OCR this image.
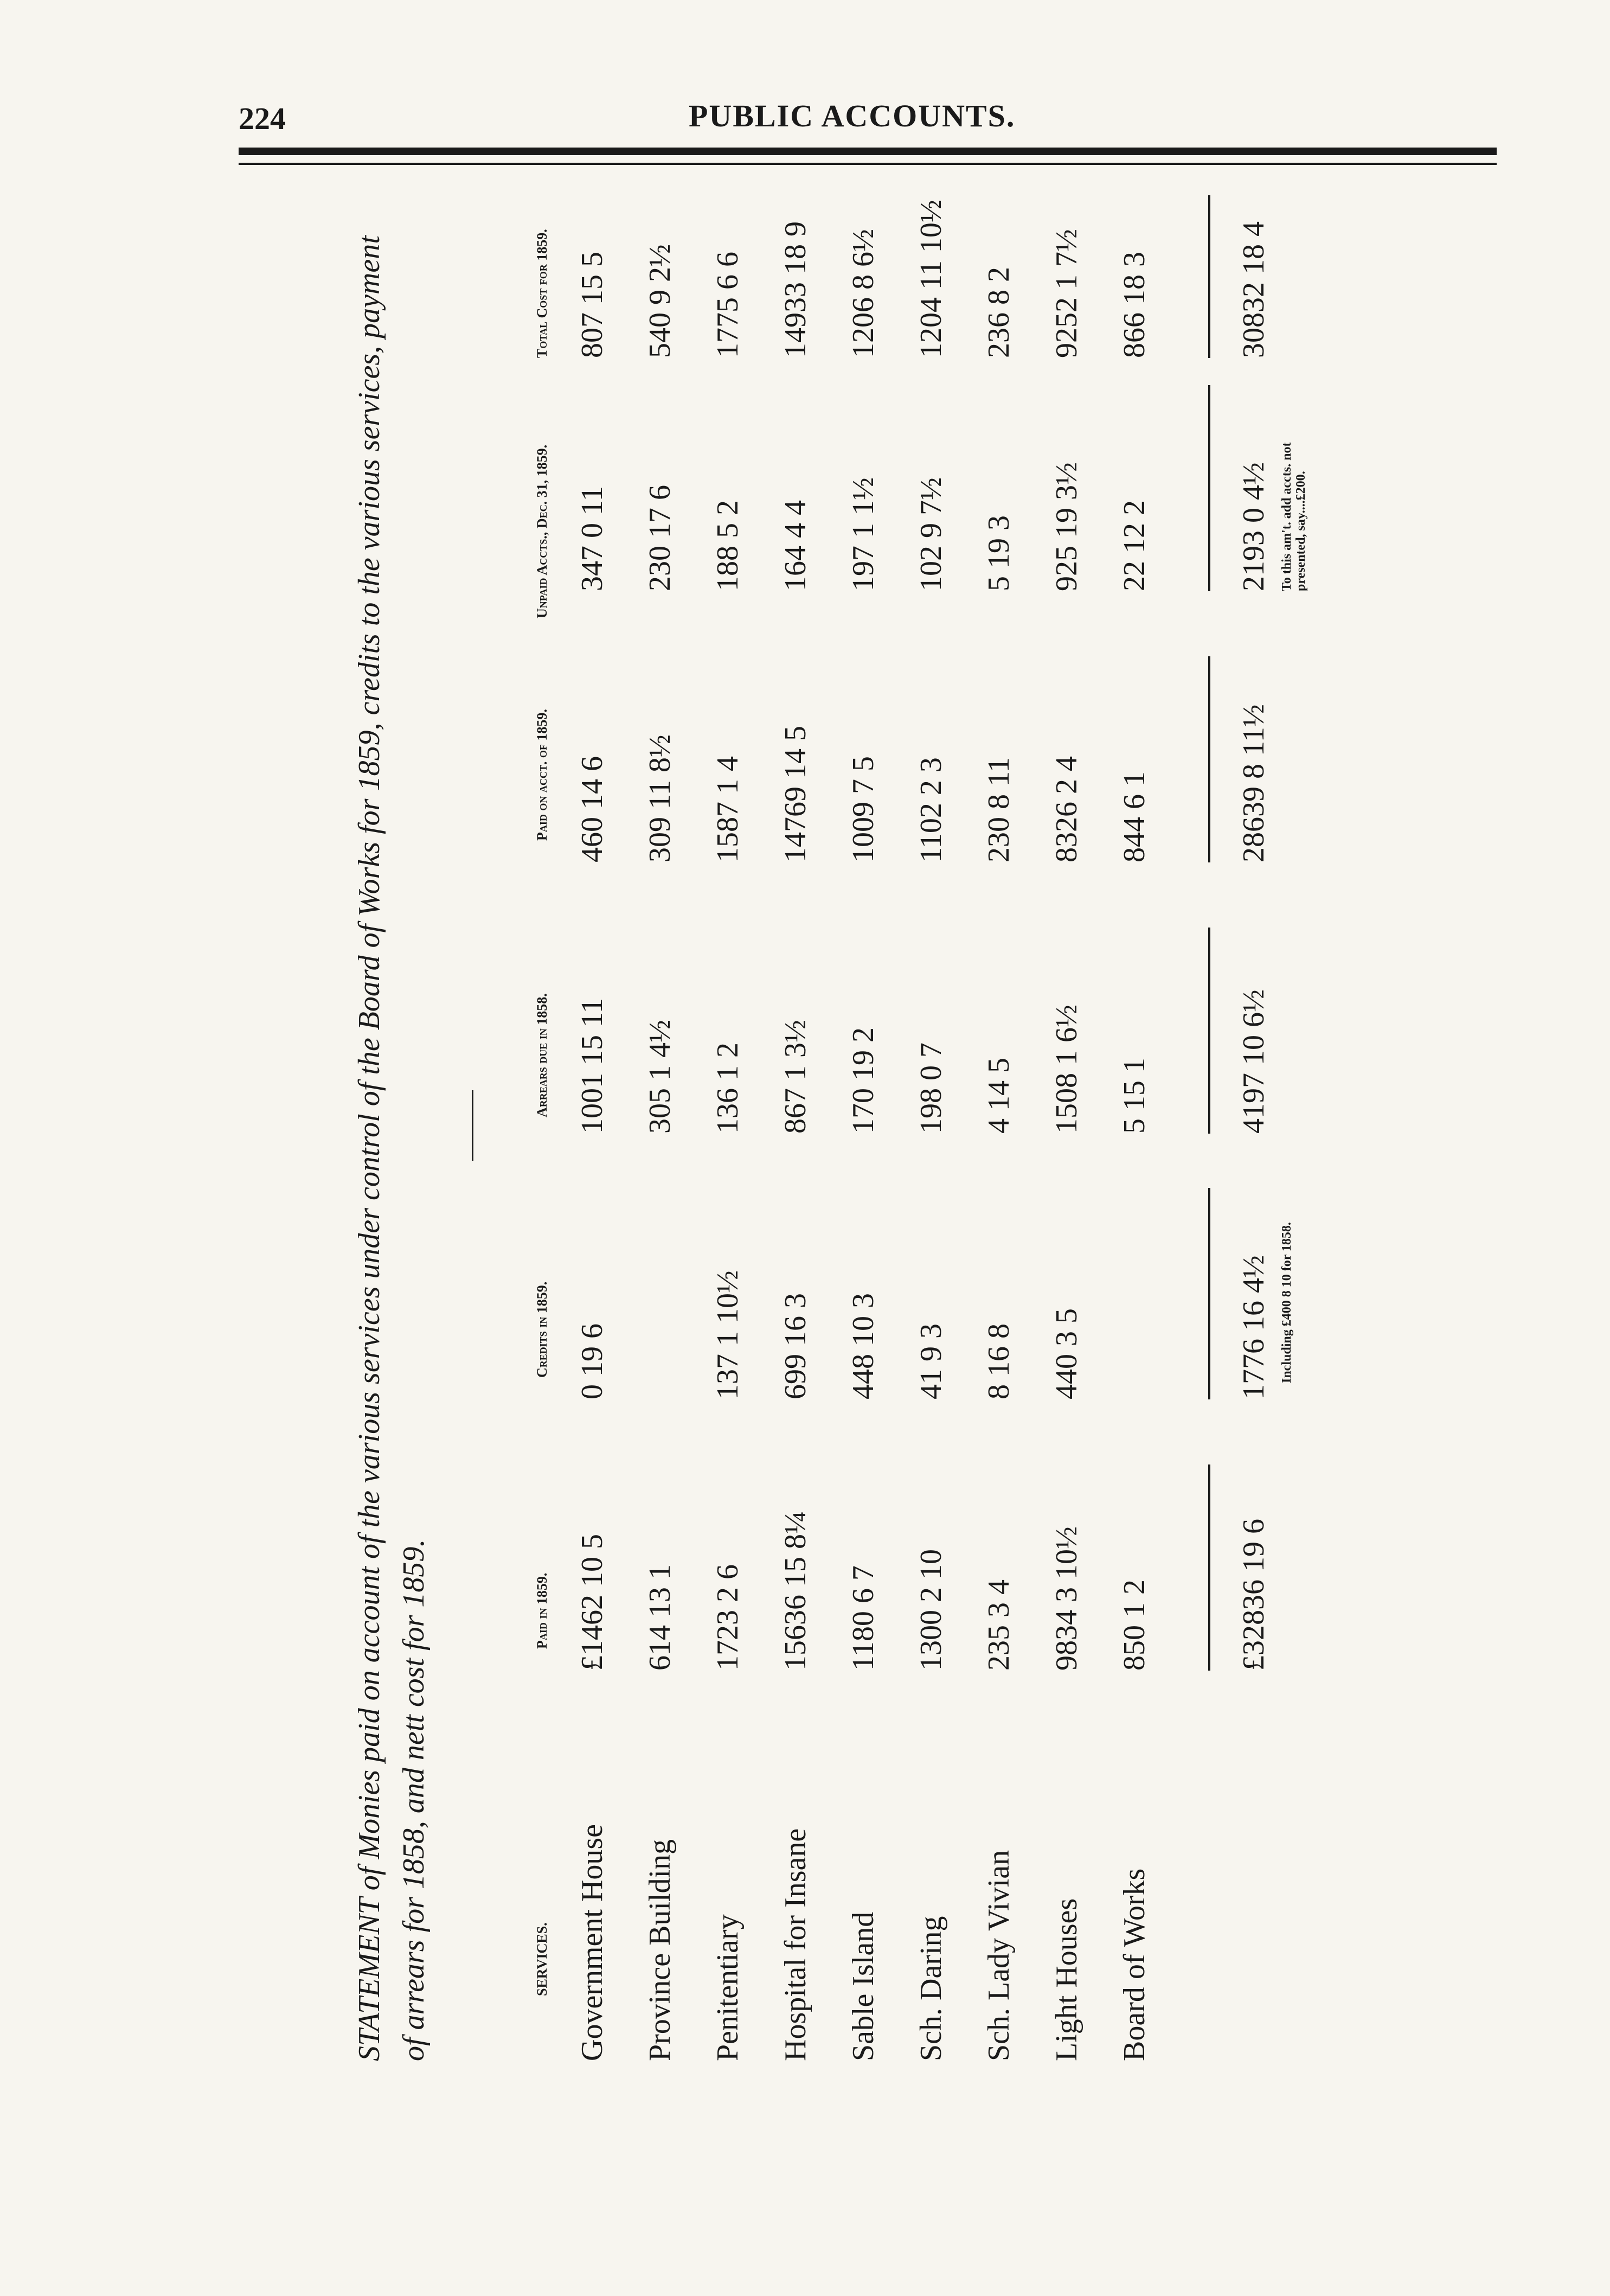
224	PUBLIC ACCOUNTS.
STATEMENT of Monies paid on account of the various services under control of the Board of Works for 1859, credits to the various services, payment of arrears for 1858, and nett cost for 1859.	SERVICES.
Paid in 1859.
Credits in 1859.
Arrears due in 1858.
Paid on acct. of 1859.
Unpaid Accts., Dec. 31, 1859.
Total Cost for 1859.
Government House
£1462 10 5
0 19 6
1001 15 11
460 14 6
347 0 11
807 15 5
Province Building
614 13 1
305 1 4½
309 11 8½
230 17 6
540 9 2½
Penitentiary
1723 2 6
137 1 10½
136 1 2
1587 1 4
188 5 2
1775 6 6
Hospital for Insane
15636 15 8¼
699 16 3
867 1 3½
14769 14 5
164 4 4
14933 18 9
Sable Island
1180 6 7
448 10 3
170 19 2
1009 7 5
197 1 1½
1206 8 6½
Sch. Daring
1300 2 10
41 9 3
198 0 7
1102 2 3
102 9 7½
1204 11 10½
Sch. Lady Vivian
235 3 4
8 16 8
4 14 5
230 8 11
5 19 3
236 8 2
Light Houses
9834 3 10½
440 3 5
1508 1 6½
8326 2 4
925 19 3½
9252 1 7½
Board of Works
850 1 2
5 15 1
844 6 1
22 12 2
866 18 3
£32836 19 6
1776 16 4½
4197 10 6½
28639 8 11½
2193 0 4½
30832 18 4
Including £400 8 10 for 1858.
To this am't. add accts. not presented, say....£200.
